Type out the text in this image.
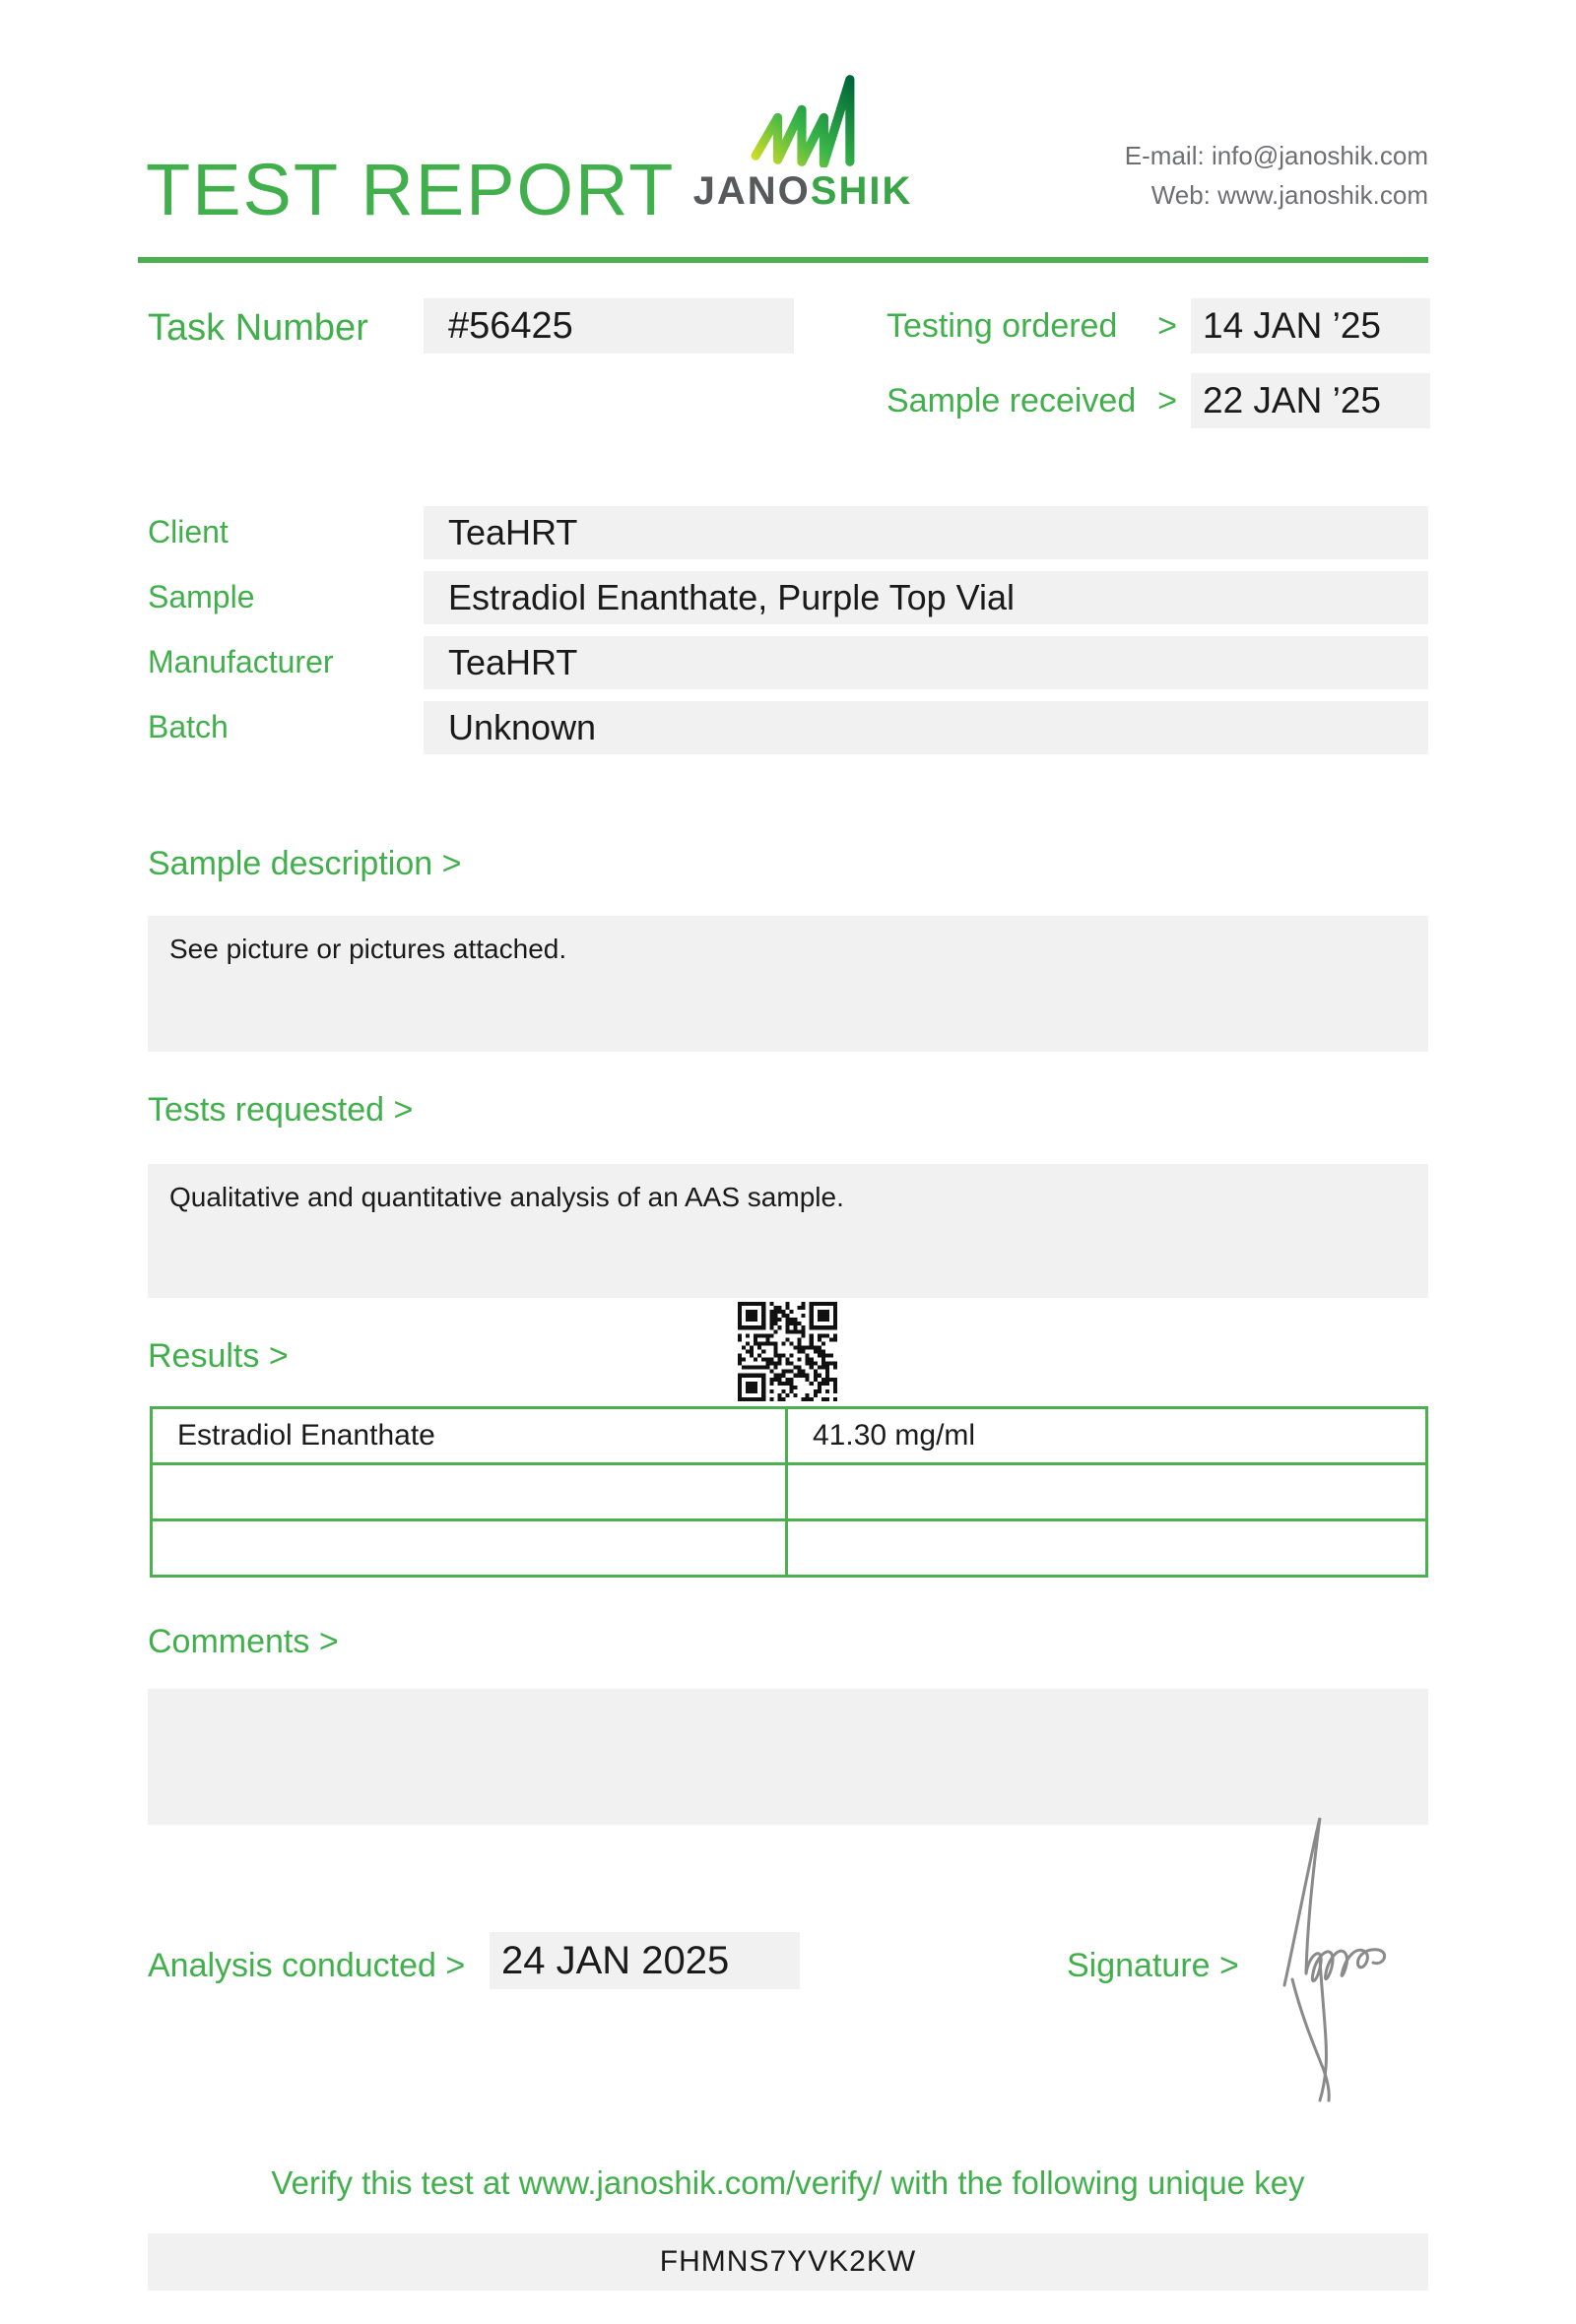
TEST REPORT JANOSHIK
E-mail: info@janoshik.com
Web: www.janoshik.com
Task Number	#56425	Testing ordered > 14 JAN ’25
Sample received > 22 JAN ’25
Client	TeaHRT
Sample	Estradiol Enanthate, Purple Top Vial
Manufacturer	TeaHRT
Batch	Unknown
Sample description >
See picture or pictures attached.
Tests requested >
Qualitative and quantitative analysis of an AAS sample.
Results >
Estradiol Enanthate	41.30 mg/ml

Comments >
Analysis conducted > 24 JAN 2025	Signature >
Verify this test at www.janoshik.com/verify/ with the following unique key
FHMNS7YVK2KW
